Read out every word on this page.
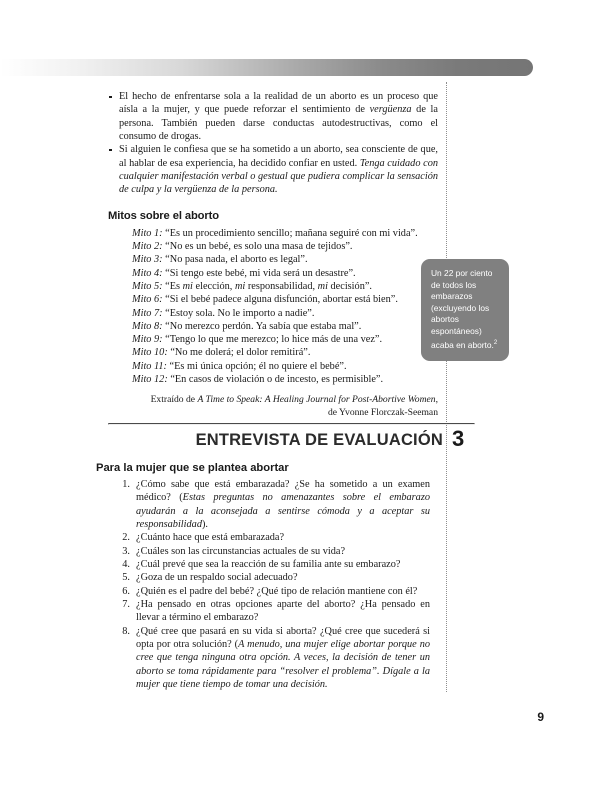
Aborto
El hecho de enfrentarse sola a la realidad de un aborto es un proceso que aísla a la mujer, y que puede reforzar el sentimiento de vergüenza de la persona. También pueden darse conductas autodestructivas, como el consumo de drogas.
Si alguien le confiesa que se ha sometido a un aborto, sea consciente de que, al hablar de esa experiencia, ha decidido confiar en usted. Tenga cuidado con cualquier manifestación verbal o gestual que pudiera complicar la sensación de culpa y la vergüenza de la persona.
Mitos sobre el aborto
Mito 1: “Es un procedimiento sencillo; mañana seguiré con mi vida”.
Mito 2: “No es un bebé, es solo una masa de tejidos”.
Mito 3: “No pasa nada, el aborto es legal”.
Mito 4: “Si tengo este bebé, mi vida será un desastre”.
Mito 5: “Es mi elección, mi responsabilidad, mi decisión”.
Mito 6: “Si el bebé padece alguna disfunción, abortar está bien”.
Mito 7: “Estoy sola. No le importo a nadie”.
Mito 8: “No merezco perdón. Ya sabía que estaba mal”.
Mito 9: “Tengo lo que me merezco; lo hice más de una vez”.
Mito 10: “No me dolerá; el dolor remitirá”.
Mito 11: “Es mi única opción; él no quiere el bebé”.
Mito 12: “En casos de violación o de incesto, es permisible”.
Extraído de A Time to Speak: A Healing Journal for Post-Abortive Women,
de Yvonne Florczak-Seeman
Un 22 por ciento de todos los embarazos (excluyendo los abortos espontáneos) acaba en aborto.$^2$
ENTREVISTA DE EVALUACIÓN 3
Para la mujer que se plantea abortar
¿Cómo sabe que está embarazada? ¿Se ha sometido a un examen médico? (Estas preguntas no amenazantes sobre el embarazo ayudarán a la aconsejada a sentirse cómoda y a aceptar su responsabilidad).
¿Cuánto hace que está embarazada?
¿Cuáles son las circunstancias actuales de su vida?
¿Cuál prevé que sea la reacción de su familia ante su embarazo?
¿Goza de un respaldo social adecuado?
¿Quién es el padre del bebé? ¿Qué tipo de relación mantiene con él?
¿Ha pensado en otras opciones aparte del aborto? ¿Ha pensado en llevar a término el embarazo?
¿Qué cree que pasará en su vida si aborta? ¿Qué cree que sucederá si opta por otra solución? (A menudo, una mujer elige abortar porque no cree que tenga ninguna otra opción. A veces, la decisión de tener un aborto se toma rápidamente para “resolver el problema”. Dígale a la mujer que tiene tiempo de tomar una decisión.
9
